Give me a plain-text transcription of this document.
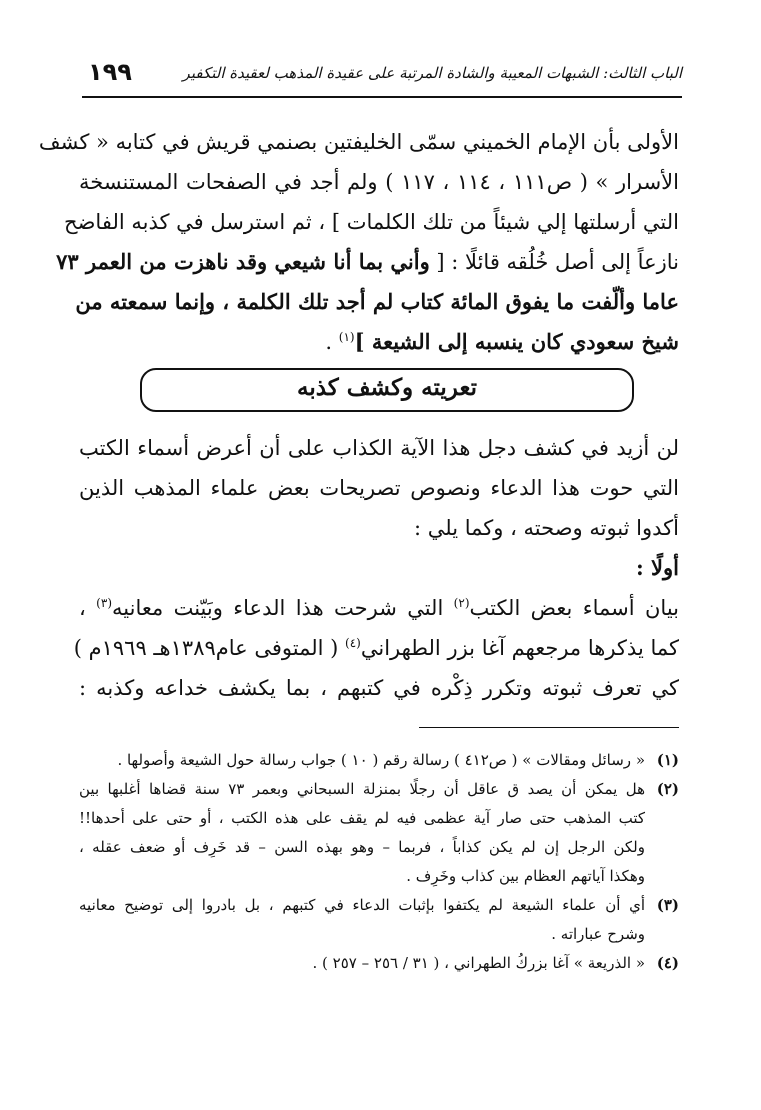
الباب الثالث: الشبهات المعيبة والشادة المرتبة على عقيدة المذهب لعقيدة التكفير
١٩٩
الأولى بأن الإمام الخميني سمّى الخليفتين بصنمي قريش في كتابه « كشف
الأسرار » ( ص١١١ ، ١١٤ ، ١١٧ ) ولم أجد في الصفحات المستنسخة
التي أرسلتها إلي شيئاً من تلك الكلمات ] ، ثم استرسل في كذبه الفاضح
نازعاً إلى أصل خُلُقه قائلًا : [ وأني بما أنا شيعي وقد ناهزت من العمر ٧٣
عاما وألّفت ما يفوق المائة كتاب لم أجد تلك الكلمة ، وإنما سمعته من
شيخ سعودي كان ينسبه إلى الشيعة ]$^{(١)}$ .
تعريته وكشف كذبه
لن أزيد في كشف دجل هذا الآية الكذاب على أن أعرض أسماء الكتب
التي حوت هذا الدعاء ونصوص تصريحات بعض علماء المذهب الذين
أكدوا ثبوته وصحته ، وكما يلي :
أولًا :
بيان أسماء بعض الكتب$^{(٢)}$ التي شرحت هذا الدعاء وبَيّنت معانيه$^{(٣)}$ ،
كما يذكرها مرجعهم آغا بزر الطهراني$^{(٤)}$ ( المتوفى عام١٣٨٩هـ ١٩٦٩م )
كي تعرف ثبوته وتكرر ذِكْره في كتبهم ، بما يكشف خداعه وكذبه :
(١)
« رسائل ومقالات » ( ص٤١٢ ) رسالة رقم ( ١٠ ) جواب رسالة حول الشيعة وأصولها .
(٢)
هل يمكن أن يصد ق عاقل أن رجلًا بمنزلة السبحاني وبعمر ٧٣ سنة قضاها أغلبها بين
كتب المذهب حتى صار آية عظمى فيه لم يقف على هذه الكتب ، أو حتى على أحدها!!
ولكن الرجل إن لم يكن كذاباً ، فربما – وهو بهذه السن – قد خَرِف أو ضعف عقله ،
وهكذا آياتهم العظام بين كذاب وخَرِف .
(٣)
أي أن علماء الشيعة لم يكتفوا بإثبات الدعاء في كتبهم ، بل بادروا إلى توضيح معانيه
وشرح عباراته .
(٤)
« الذريعة » آغا بزركُ الطهراني ، ( ٣١ / ٢٥٦ – ٢٥٧ ) .
